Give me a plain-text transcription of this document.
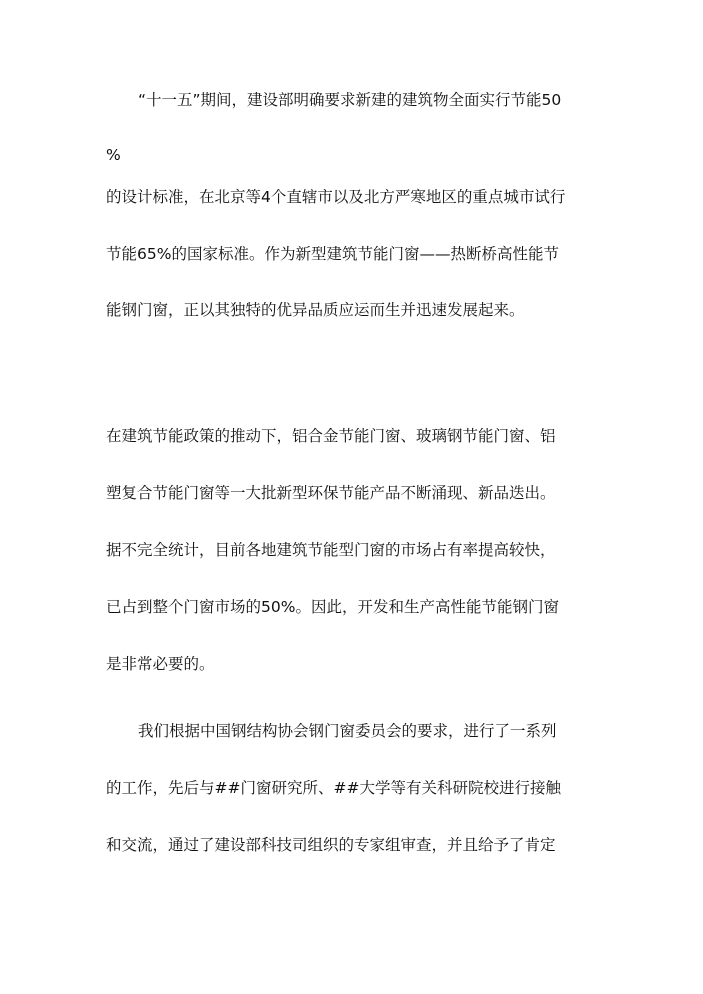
“十一五”期间，建设部明确要求新建的建筑物全面实行节能50
%
的设计标准，在北京等4个直辖市以及北方严寒地区的重点城市试行
节能65%的国家标准。作为新型建筑节能门窗——热断桥高性能节
能钢门窗，正以其独特的优异品质应运而生并迅速发展起来。
在建筑节能政策的推动下，铝合金节能门窗、玻璃钢节能门窗、铝
塑复合节能门窗等一大批新型环保节能产品不断涌现、新品迭出。
据不完全统计，目前各地建筑节能型门窗的市场占有率提高较快，
已占到整个门窗市场的50%。因此，开发和生产高性能节能钢门窗
是非常必要的。
我们根据中国钢结构协会钢门窗委员会的要求，进行了一系列
的工作，先后与##门窗研究所、##大学等有关科研院校进行接触
和交流，通过了建设部科技司组织的专家组审查，并且给予了肯定
